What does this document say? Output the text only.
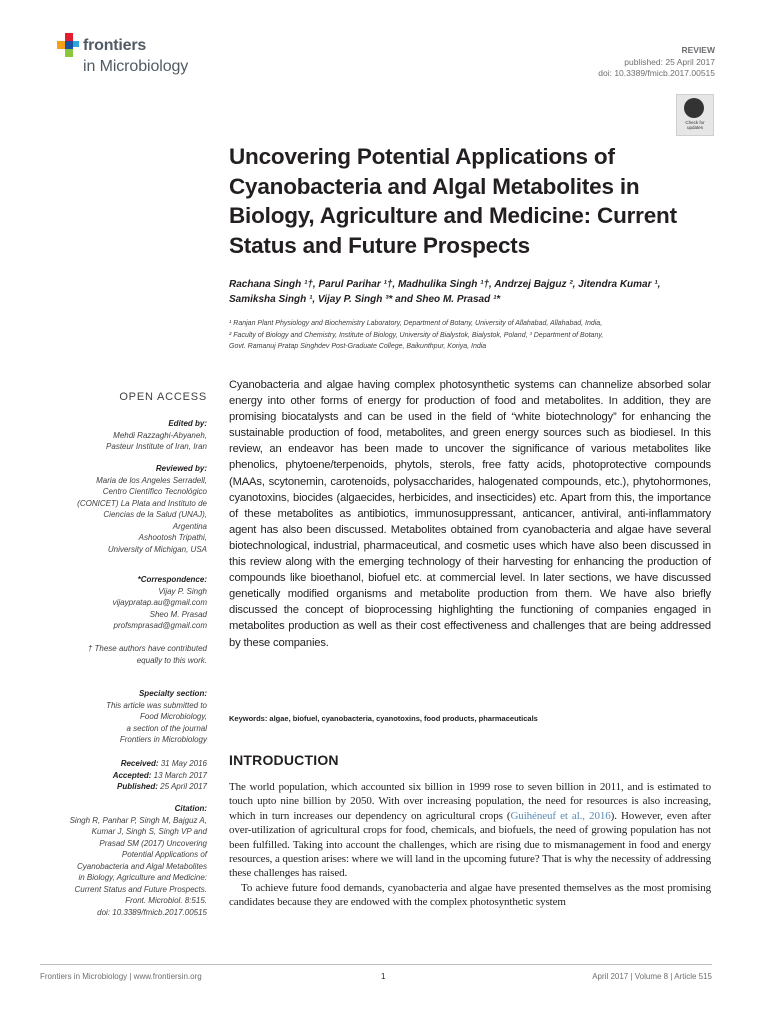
frontiers
in Microbiology
REVIEW
published: 25 April 2017
doi: 10.3389/fmicb.2017.00515
Check for updates
Uncovering Potential Applications of Cyanobacteria and Algal Metabolites in Biology, Agriculture and Medicine: Current Status and Future Prospects
Rachana Singh ¹†, Parul Parihar ¹†, Madhulika Singh ¹†, Andrzej Bajguz ², Jitendra Kumar ¹,
Samiksha Singh ¹, Vijay P. Singh ³* and Sheo M. Prasad ¹*
¹ Ranjan Plant Physiology and Biochemistry Laboratory, Department of Botany, University of Allahabad, Allahabad, India,
² Faculty of Biology and Chemistry, Institute of Biology, University of Bialystok, Bialystok, Poland, ³ Department of Botany,
Govt. Ramanuj Pratap Singhdev Post-Graduate College, Baikunthpur, Koriya, India
OPEN ACCESS
Edited by:
Mehdi Razzaghi-Abyaneh,
Pasteur Institute of Iran, Iran
Reviewed by:
Maria de los Angeles Serradell,
Centro Científico Tecnológico
(CONICET) La Plata and Instituto de
Ciencias de la Salud (UNAJ),
Argentina
Ashootosh Tripathi,
University of Michigan, USA
*Correspondence:
Vijay P. Singh
vijaypratap.au@gmail.com
Sheo M. Prasad
profsmprasad@gmail.com
† These authors have contributed
equally to this work.
Specialty section:
This article was submitted to
Food Microbiology,
a section of the journal
Frontiers in Microbiology
Received: 31 May 2016
Accepted: 13 March 2017
Published: 25 April 2017
Citation:
Singh R, Panhar P, Singh M, Bajguz A,
Kumar J, Singh S, Singh VP and
Prasad SM (2017) Uncovering
Potential Applications of
Cyanobacteria and Algal Metabolites
in Biology, Agriculture and Medicine:
Current Status and Future Prospects.
Front. Microbiol. 8:515.
doi: 10.3389/fmicb.2017.00515
Cyanobacteria and algae having complex photosynthetic systems can channelize absorbed solar energy into other forms of energy for production of food and metabolites. In addition, they are promising biocatalysts and can be used in the field of “white biotechnology” for enhancing the sustainable production of food, metabolites, and green energy sources such as biodiesel. In this review, an endeavor has been made to uncover the significance of various metabolites like phenolics, phytoene/terpenoids, phytols, sterols, free fatty acids, photoprotective compounds (MAAs, scytonemin, carotenoids, polysaccharides, halogenated compounds, etc.), phytohormones, cyanotoxins, biocides (algaecides, herbicides, and insecticides) etc. Apart from this, the importance of these metabolites as antibiotics, immunosuppressant, anticancer, antiviral, anti-inflammatory agent has also been discussed. Metabolites obtained from cyanobacteria and algae have several biotechnological, industrial, pharmaceutical, and cosmetic uses which have also been discussed in this review along with the emerging technology of their harvesting for enhancing the production of compounds like bioethanol, biofuel etc. at commercial level. In later sections, we have discussed genetically modified organisms and metabolite production from them. We have also briefly discussed the concept of bioprocessing highlighting the functioning of companies engaged in metabolites production as well as their cost effectiveness and challenges that are being addressed by these companies.
Keywords: algae, biofuel, cyanobacteria, cyanotoxins, food products, pharmaceuticals
INTRODUCTION

The world population, which accounted six billion in 1999 rose to seven billion in 2011, and is estimated to touch upto nine billion by 2050. With over increasing population, the need for resources is also increasing, which in turn increases our dependency on agricultural crops (Guihéneuf et al., 2016). However, even after over-utilization of agricultural crops for food, chemicals, and biofuels, the need of growing population has not been fulfilled. Taking into account the challenges, which are rising due to mismanagement in food and energy resources, a question arises: where we will land in the upcoming future? That is why the necessity of addressing these challenges has raised.

To achieve future food demands, cyanobacteria and algae have presented themselves as the most promising candidates because they are endowed with the complex photosynthetic system

Frontiers in Microbiology | www.frontiersin.org	1	April 2017 | Volume 8 | Article 515
